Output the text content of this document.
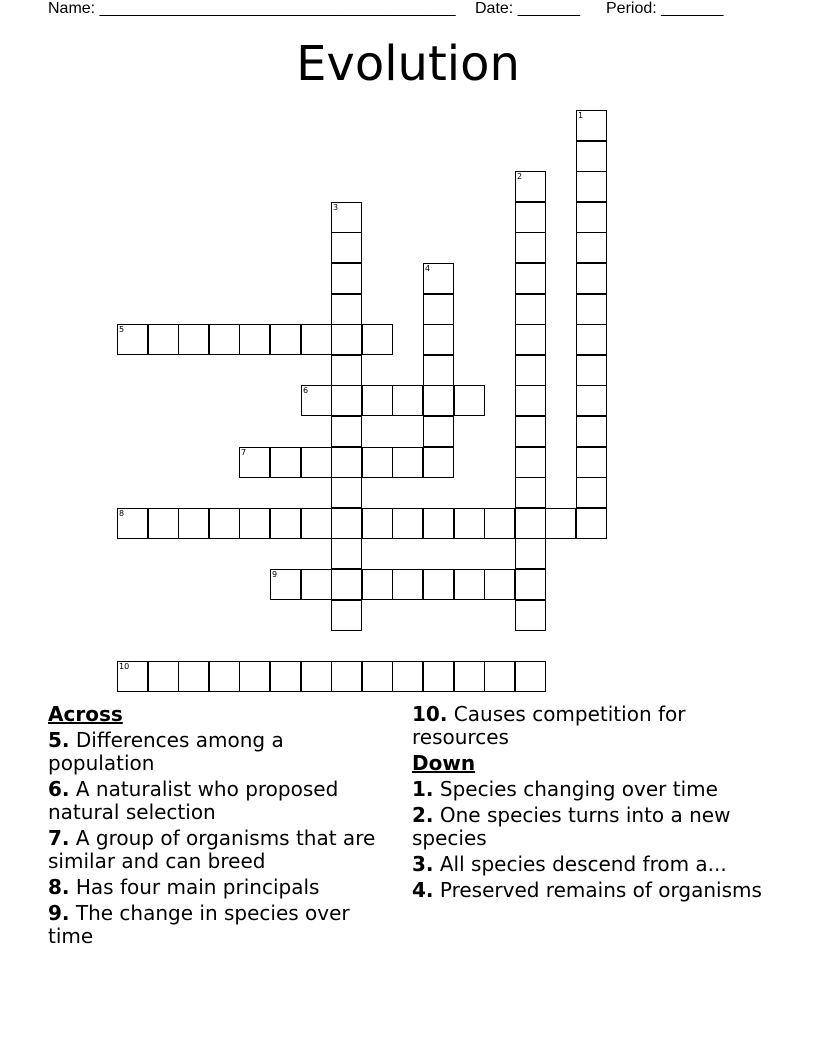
Name: ________________________________________ Date: _______ Period: _______
Evolution
1
2
3
4
5
6
7
8
9
10
Across
5. Differences among a population
6. A naturalist who proposed natural selection
7. A group of organisms that are similar and can breed
8. Has four main principals
9. The change in species over time
10. Causes competition for resources
Down
1. Species changing over time
2. One species turns into a new species
3. All species descend from a...
4. Preserved remains of organisms
